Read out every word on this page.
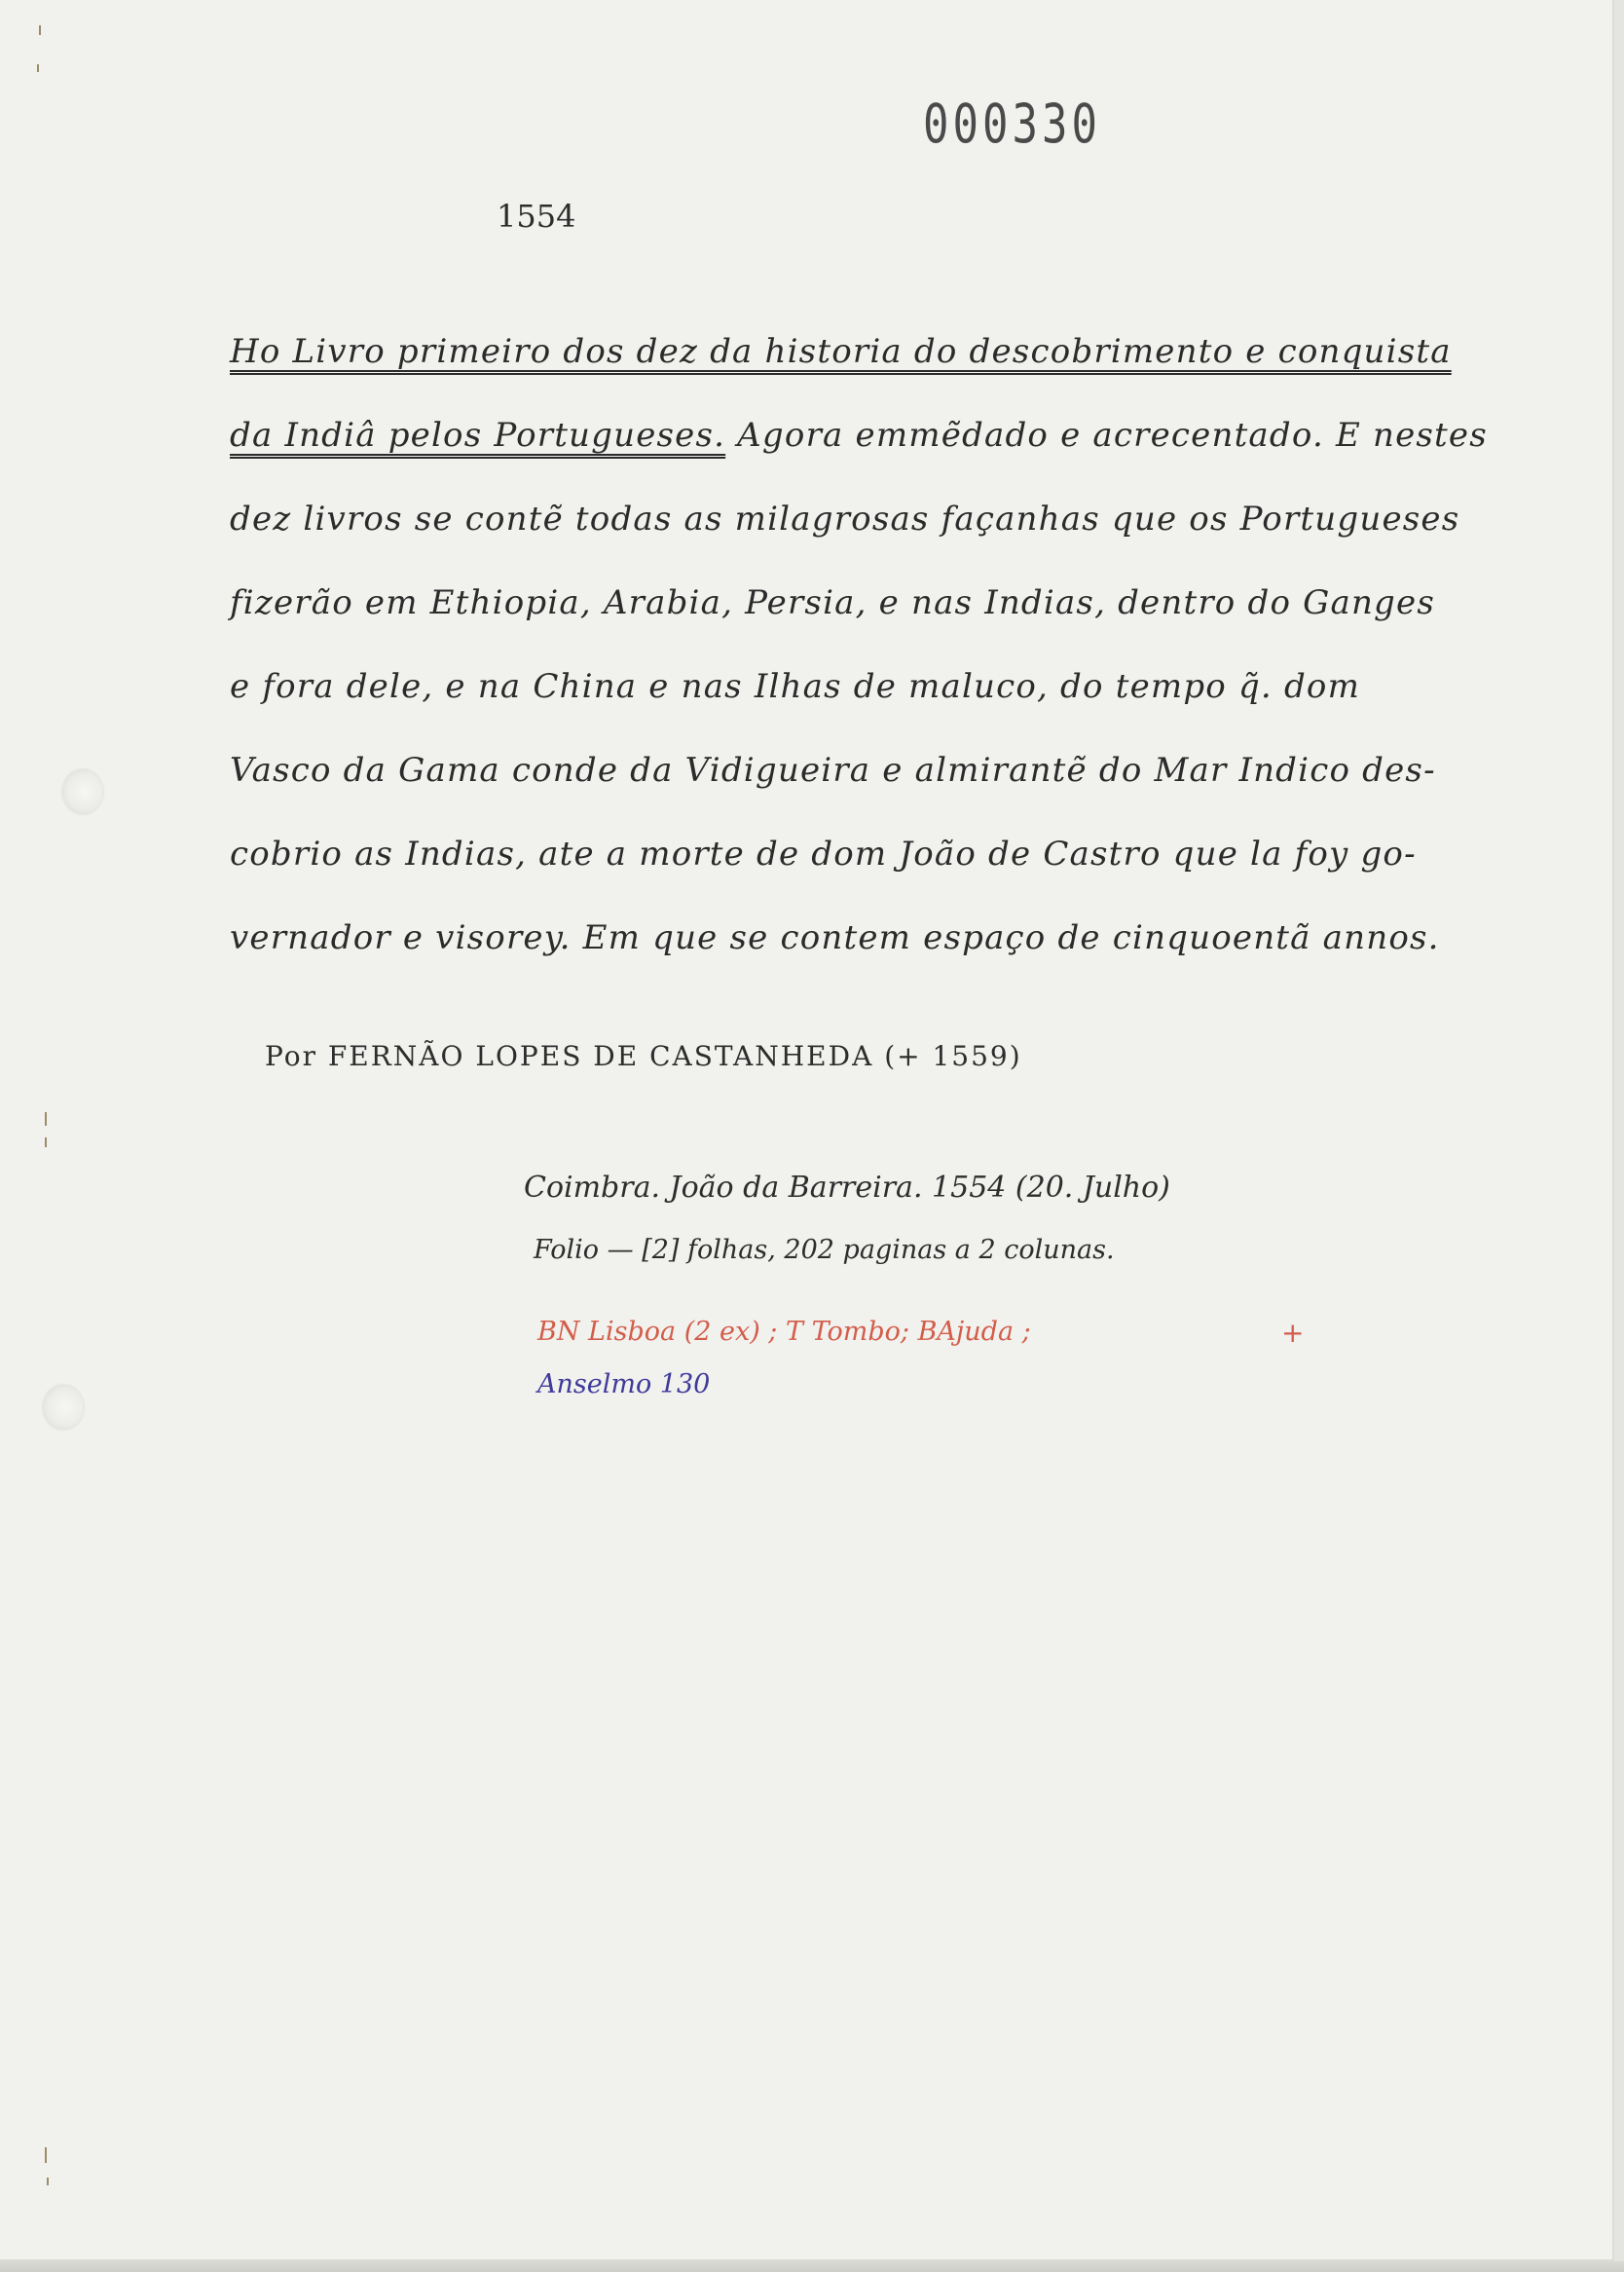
000330
1554
Ho Livro primeiro dos dez da historia do descobrimento e conquista
da Indiâ pelos Portugueses. Agora emmẽdado e acrecentado. E nestes
dez livros se contẽ todas as milagrosas façanhas que os Portugueses
fizerão em Ethiopia, Arabia, Persia, e nas Indias, dentro do Ganges
e fora dele, e na China e nas Ilhas de maluco, do tempo q̃. dom
Vasco da Gama conde da Vidigueira e almirantẽ do Mar Indico des-
cobrio as Indias, ate a morte de dom João de Castro que la foy go-
vernador e visorey. Em que se contem espaço de cinquoentã annos.
Por FERNÃO LOPES DE CASTANHEDA (+ 1559)
Coimbra. João da Barreira. 1554 (20. Julho)
Folio — [2] folhas, 202 paginas a 2 colunas.
BN Lisboa (2 ex) ; T Tombo; BAjuda ;	+
Anselmo 130
